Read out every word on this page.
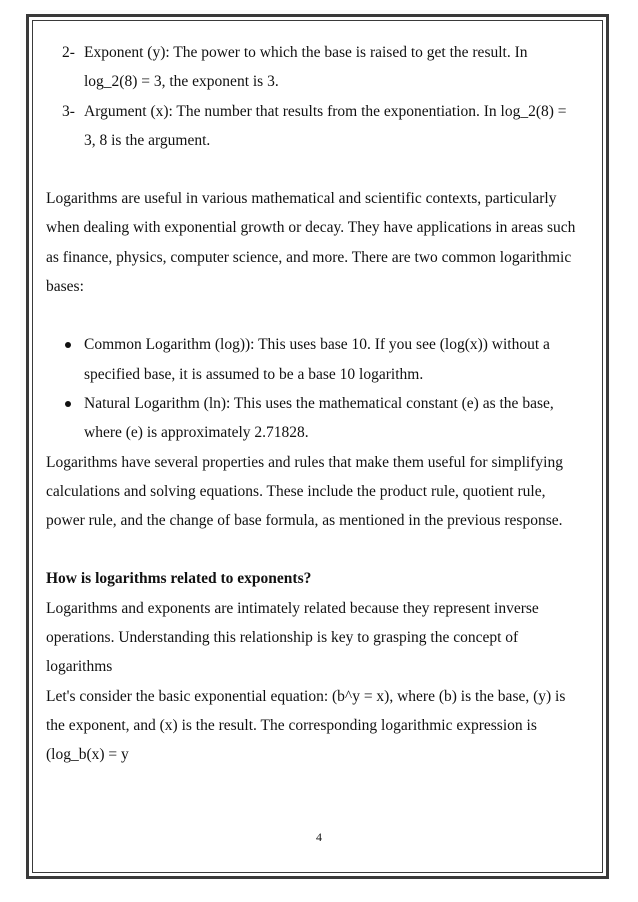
2- Exponent (y): The power to which the base is raised to get the result. In log_2(8) = 3, the exponent is 3.
3- Argument (x): The number that results from the exponentiation. In log_2(8) = 3, 8 is the argument.

Logarithms are useful in various mathematical and scientific contexts, particularly when dealing with exponential growth or decay. They have applications in areas such as finance, physics, computer science, and more. There are two common logarithmic bases:

Common Logarithm (log)): This uses base 10. If you see (log(x)) without a specified base, it is assumed to be a base 10 logarithm.
Natural Logarithm (ln): This uses the mathematical constant (e) as the base, where (e) is approximately 2.71828.

Logarithms have several properties and rules that make them useful for simplifying calculations and solving equations. These include the product rule, quotient rule, power rule, and the change of base formula, as mentioned in the previous response.

How is logarithms related to exponents?

Logarithms and exponents are intimately related because they represent inverse operations. Understanding this relationship is key to grasping the concept of logarithms

Let's consider the basic exponential equation: (b^y = x), where (b) is the base, (y) is the exponent, and (x) is the result. The corresponding logarithmic expression is (log_b(x) = y

4
